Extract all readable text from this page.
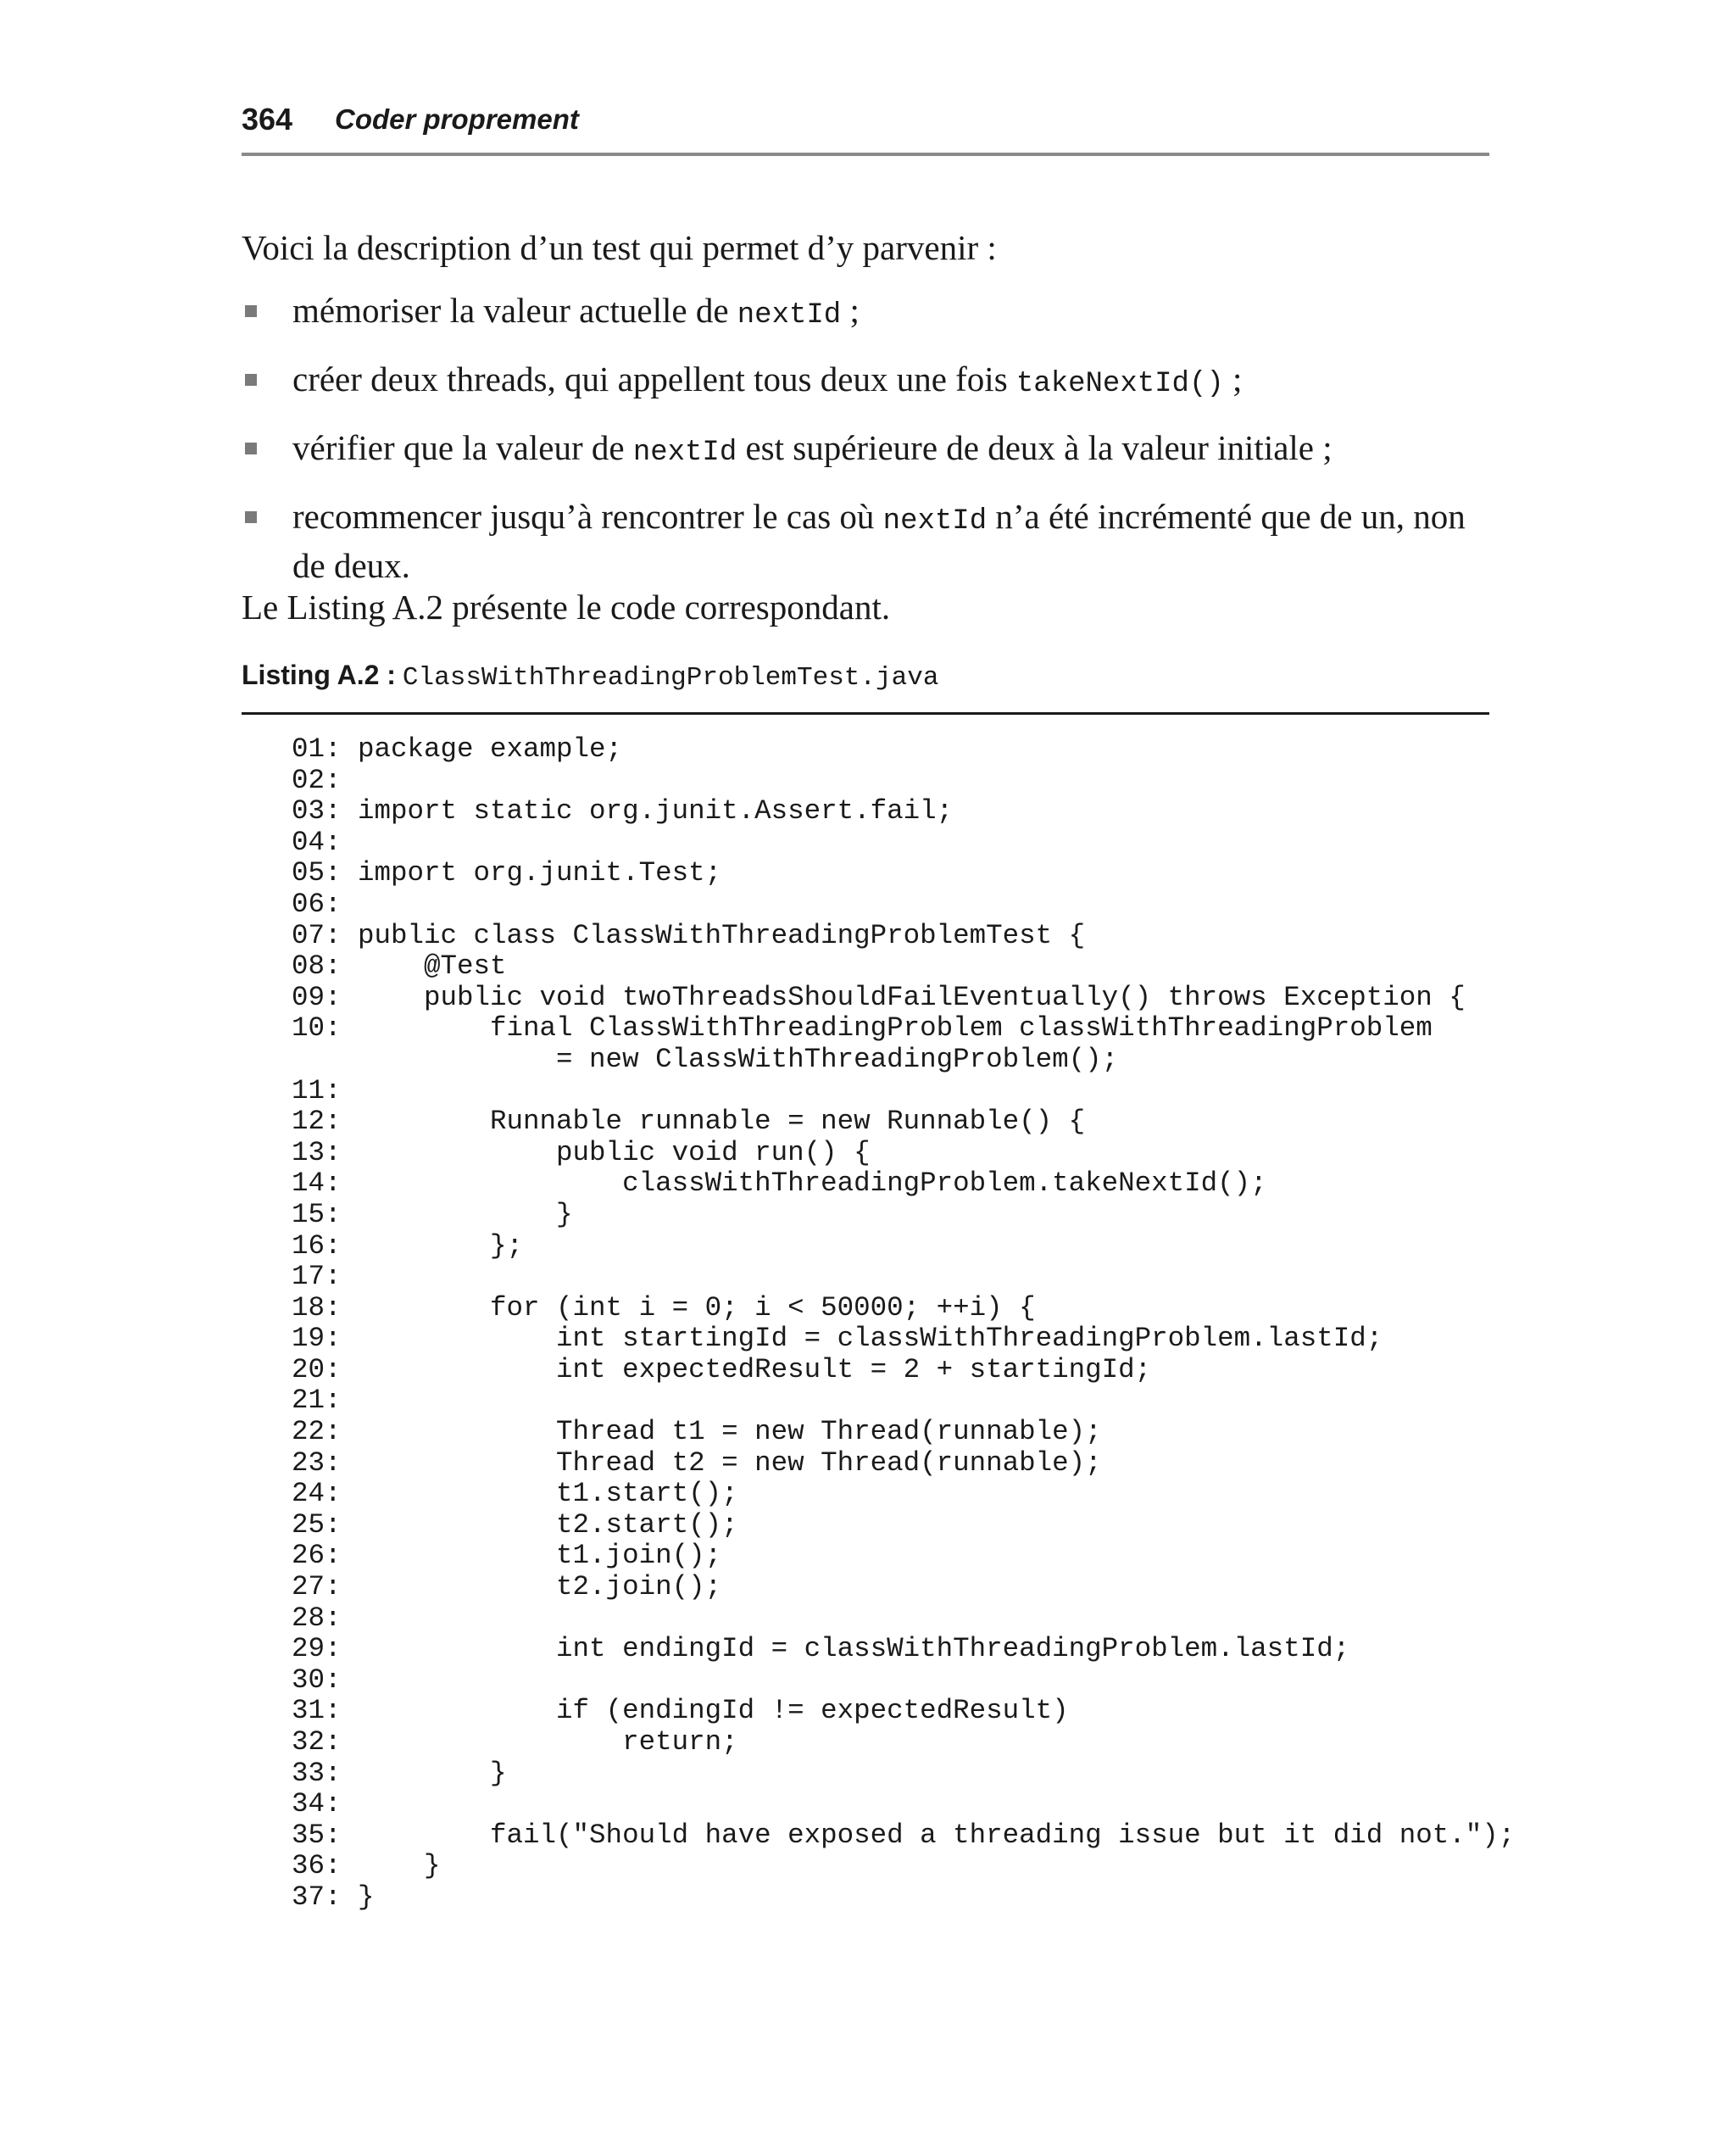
364 Coder proprement
Voici la description d’un test qui permet d’y parvenir :
mémoriser la valeur actuelle de nextId ;
créer deux threads, qui appellent tous deux une fois takeNextId() ;
vérifier que la valeur de nextId est supérieure de deux à la valeur initiale ;
recommencer jusqu’à rencontrer le cas où nextId n’a été incrémenté que de un, non de deux.
Le Listing A.2 présente le code correspondant.
Listing A.2 : ClassWithThreadingProblemTest.java
01: package example;
02:
03: import static org.junit.Assert.fail;
04:
05: import org.junit.Test;
06:
07: public class ClassWithThreadingProblemTest {
08:     @Test
09:     public void twoThreadsShouldFailEventually() throws Exception {
10:         final ClassWithThreadingProblem classWithThreadingProblem
= new ClassWithThreadingProblem();
11:
12:         Runnable runnable = new Runnable() {
13:             public void run() {
14:                 classWithThreadingProblem.takeNextId();
15:             }
16:         };
17:
18:         for (int i = 0; i < 50000; ++i) {
19:             int startingId = classWithThreadingProblem.lastId;
20:             int expectedResult = 2 + startingId;
21:
22:             Thread t1 = new Thread(runnable);
23:             Thread t2 = new Thread(runnable);
24:             t1.start();
25:             t2.start();
26:             t1.join();
27:             t2.join();
28:
29:             int endingId = classWithThreadingProblem.lastId;
30:
31:             if (endingId != expectedResult)
32:                 return;
33:         }
34:
35:         fail("Should have exposed a threading issue but it did not.");
36:     }
37: }
